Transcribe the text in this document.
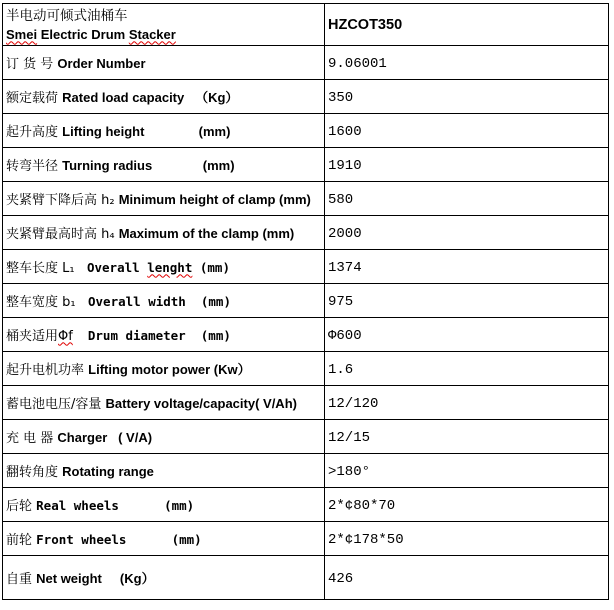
半电动可倾式油桶车
Smei Electric Drum Stacker	HZCOT350
订 货 号 Order Number	9.06001
额定载荷 Rated load capacity   （Kg）	350
起升高度 Lifting height               (mm)	1600
转弯半径 Turning radius              (mm)	1910
夹紧臂下降后高 h₂ Minimum height of clamp (mm)	580
夹紧臂最高时高 h₄ Maximum of the clamp (mm)	2000
整车长度 L₁   Overall lenght (mm)	1374
整车宽度 b₁   Overall width  (mm)	975
桶夹适用Φf  Drum diameter  (mm)	Φ600
起升电机功率 Lifting motor power (Kw）	1.6
蓄电池电压/容量 Battery voltage/capacity( V/Ah)	12/120
充 电 器 Charger   ( V/A)	12/15
翻转角度 Rotating range	>180°
后轮 Real wheels      (mm)	2*¢80*70
前轮 Front wheels      (mm)	2*¢178*50
自重 Net weight     (Kg）	426
